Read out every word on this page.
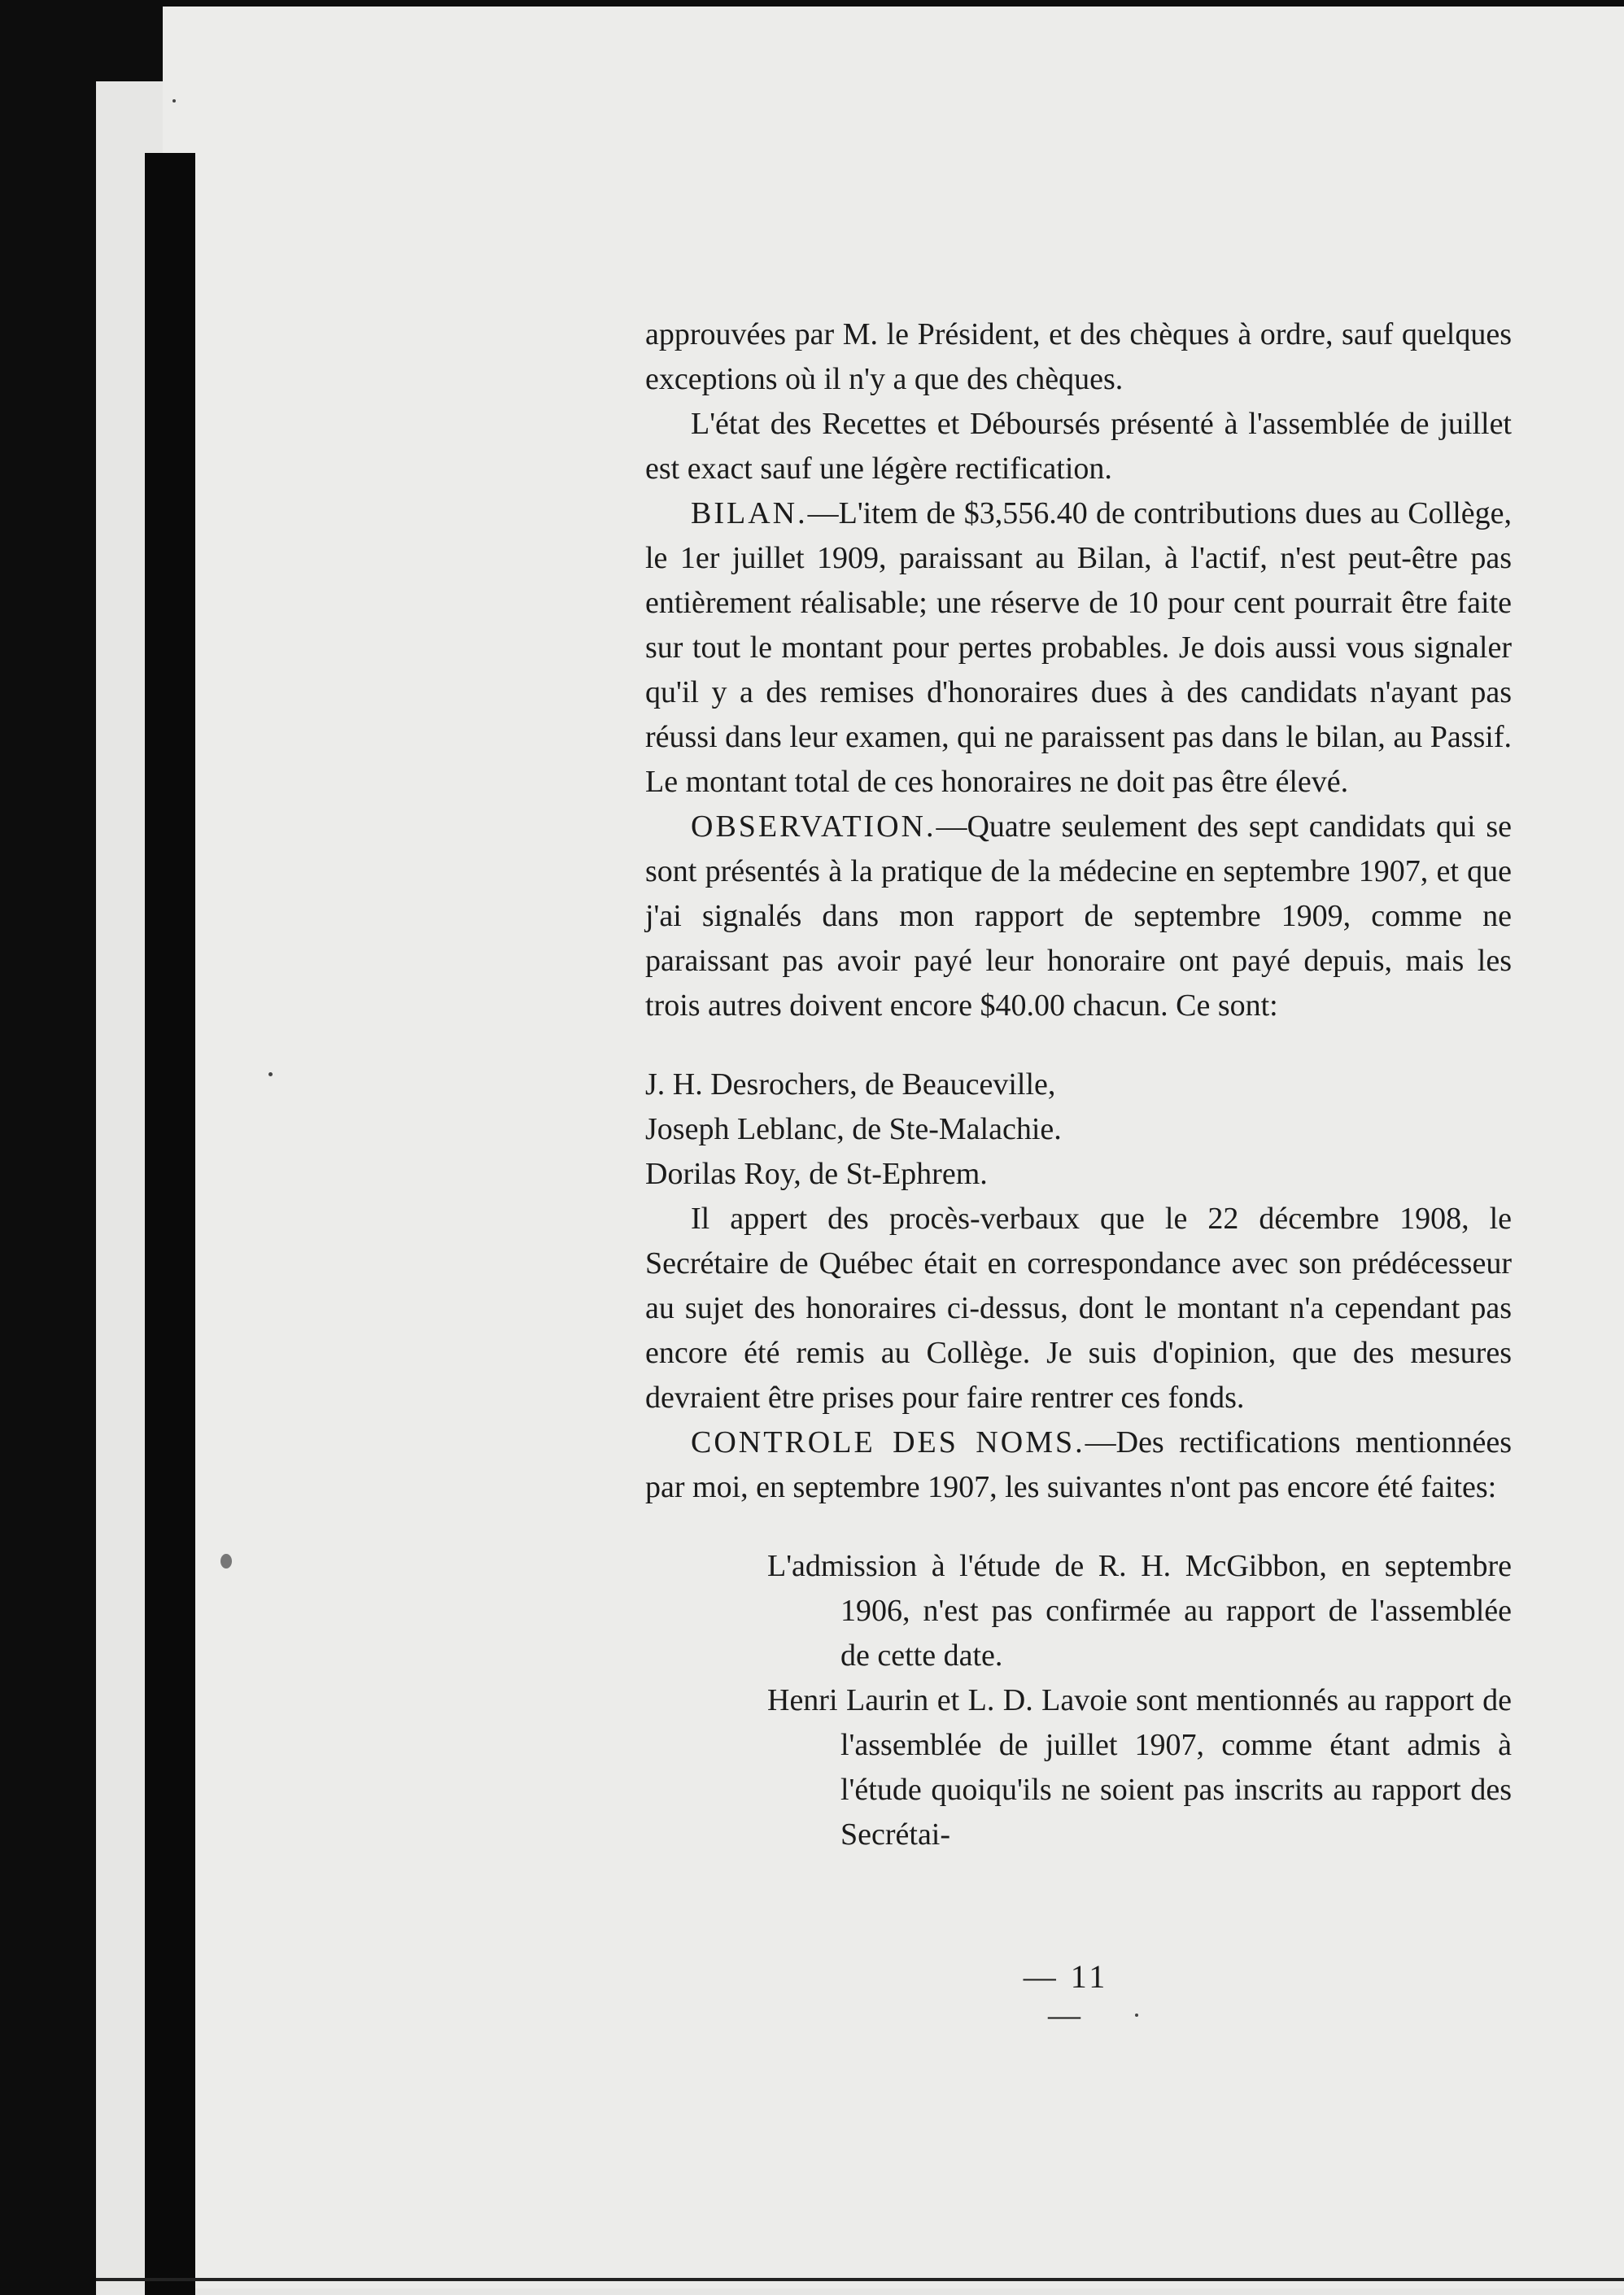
approuvées par M. le Président, et des chèques à ordre, sauf quelques exceptions où il n'y a que des chèques.

L'état des Recettes et Déboursés présenté à l'assemblée de juillet est exact sauf une légère rectification.

BILAN.—L'item de $3,556.40 de contributions dues au Collège, le 1er juillet 1909, paraissant au Bilan, à l'actif, n'est peut-être pas entièrement réalisable; une réserve de 10 pour cent pourrait être faite sur tout le montant pour pertes probables. Je dois aussi vous signaler qu'il y a des remises d'honoraires dues à des candidats n'ayant pas réussi dans leur examen, qui ne paraissent pas dans le bilan, au Passif. Le montant total de ces honoraires ne doit pas être élevé.

OBSERVATION.—Quatre seulement des sept candidats qui se sont présentés à la pratique de la médecine en septembre 1907, et que j'ai signalés dans mon rapport de septembre 1909, comme ne paraissant pas avoir payé leur honoraire ont payé depuis, mais les trois autres doivent encore $40.00 chacun. Ce sont:

J. H. Desrochers, de Beauceville,
Joseph Leblanc, de Ste-Malachie.
Dorilas Roy, de St-Ephrem.

Il appert des procès-verbaux que le 22 décembre 1908, le Secrétaire de Québec était en correspondance avec son prédécesseur au sujet des honoraires ci-dessus, dont le montant n'a cependant pas encore été remis au Collège. Je suis d'opinion, que des mesures devraient être prises pour faire rentrer ces fonds.

CONTROLE DES NOMS.—Des rectifications mentionnées par moi, en septembre 1907, les suivantes n'ont pas encore été faites:

L'admission à l'étude de R. H. McGibbon, en septembre 1906, n'est pas confirmée au rapport de l'assemblée de cette date.

Henri Laurin et L. D. Lavoie sont mentionnés au rapport de l'assemblée de juillet 1907, comme étant admis à l'étude quoiqu'ils ne soient pas inscrits au rapport des Secrétai-

— 11 —
